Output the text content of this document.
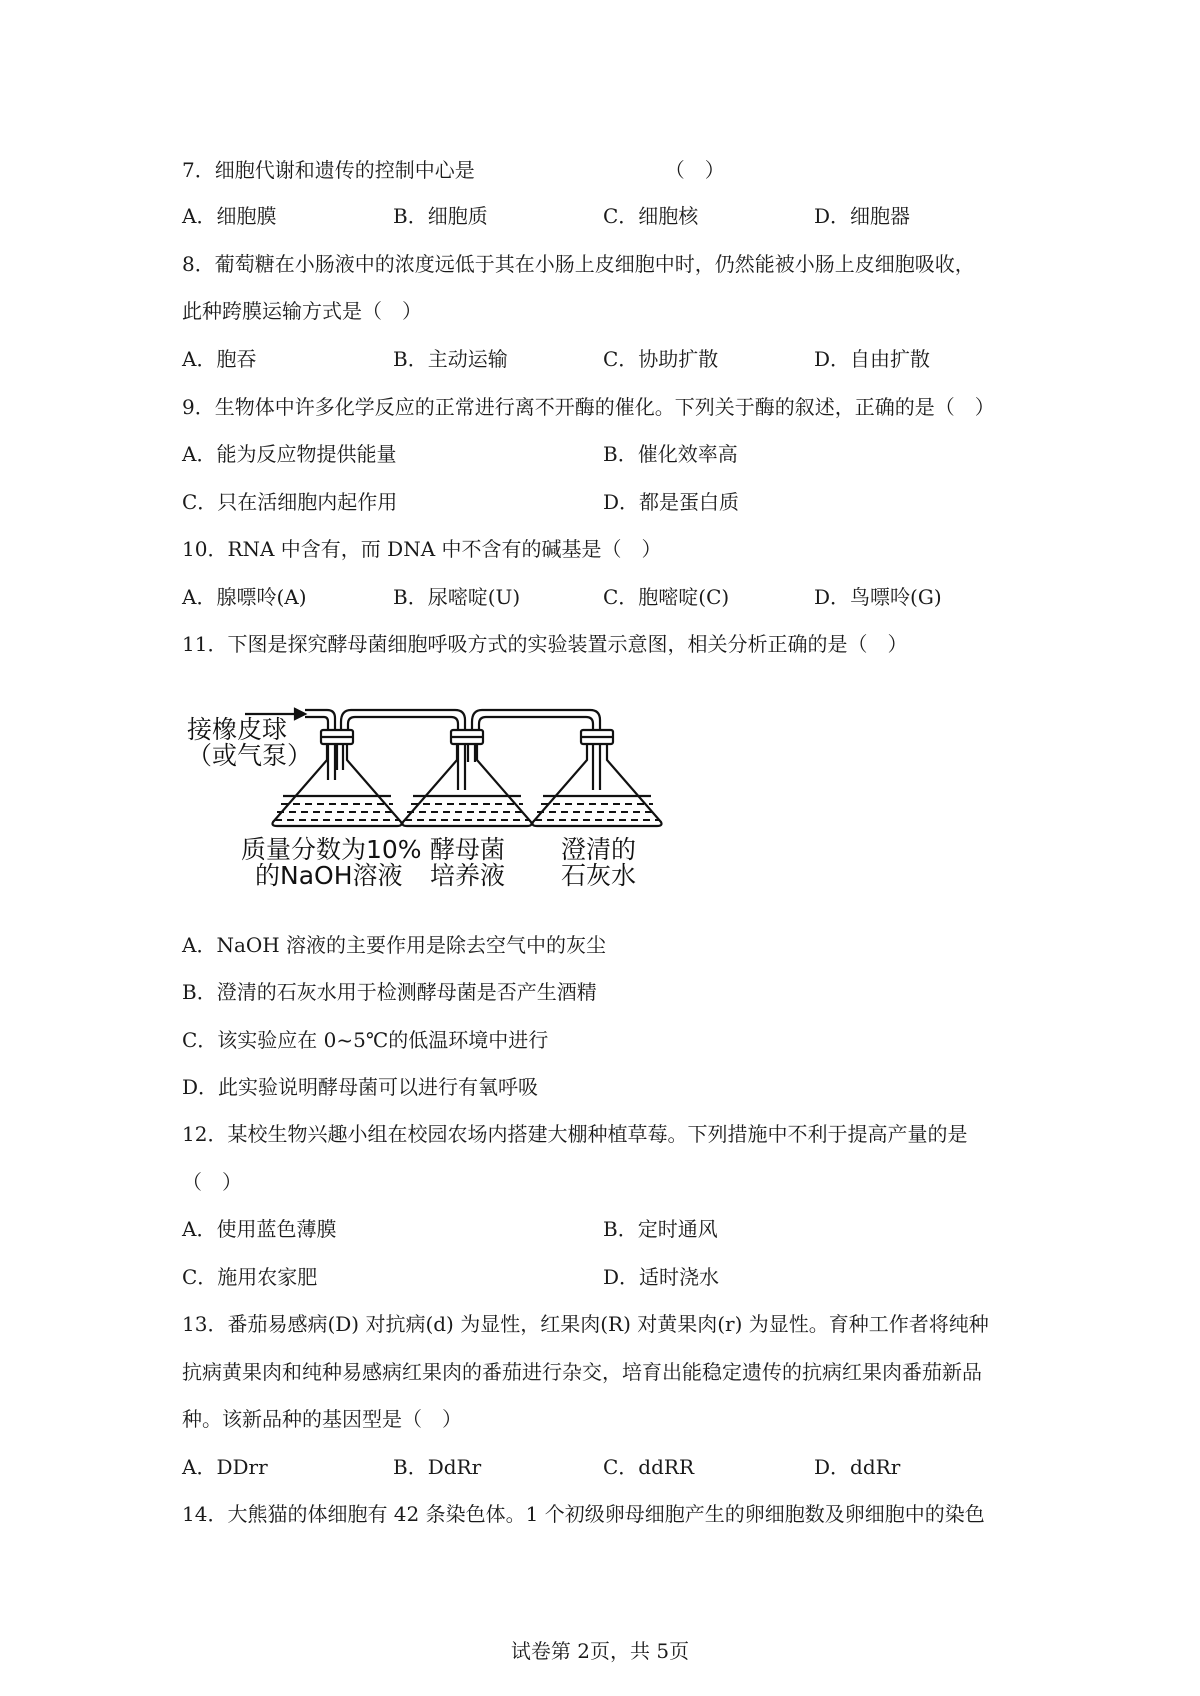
7．细胞代谢和遗传的控制中心是　　　　　　　　　　（　）
A．细胞膜	B．细胞质	C．细胞核	D．细胞器
8．葡萄糖在小肠液中的浓度远低于其在小肠上皮细胞中时，仍然能被小肠上皮细胞吸收，
此种跨膜运输方式是（　）
A．胞吞	B．主动运输	C．协助扩散	D．自由扩散
9．生物体中许多化学反应的正常进行离不开酶的催化。下列关于酶的叙述，正确的是（　）
A．能为反应物提供能量	B．催化效率高
C．只在活细胞内起作用	D．都是蛋白质
10．RNA 中含有，而 DNA 中不含有的碱基是（　）
A．腺嘌呤(A)	B．尿嘧啶(U)	C．胞嘧啶(C)	D．鸟嘌呤(G)
11．下图是探究酵母菌细胞呼吸方式的实验装置示意图，相关分析正确的是（　）
接橡皮球
（或气泵）
质量分数为10%
的NaOH溶液
酵母菌
培养液
澄清的
石灰水
A．NaOH 溶液的主要作用是除去空气中的灰尘
B．澄清的石灰水用于检测酵母菌是否产生酒精
C．该实验应在 0~5℃的低温环境中进行
D．此实验说明酵母菌可以进行有氧呼吸
12．某校生物兴趣小组在校园农场内搭建大棚种植草莓。下列措施中不利于提高产量的是
（　）
A．使用蓝色薄膜	B．定时通风
C．施用农家肥	D．适时浇水
13．番茄易感病(D) 对抗病(d) 为显性，红果肉(R) 对黄果肉(r) 为显性。育种工作者将纯种
抗病黄果肉和纯种易感病红果肉的番茄进行杂交，培育出能稳定遗传的抗病红果肉番茄新品
种。该新品种的基因型是（　）
A．DDrr	B．DdRr	C．ddRR	D．ddRr
14．大熊猫的体细胞有 42 条染色体。1 个初级卵母细胞产生的卵细胞数及卵细胞中的染色
试卷第 2页，共 5页
